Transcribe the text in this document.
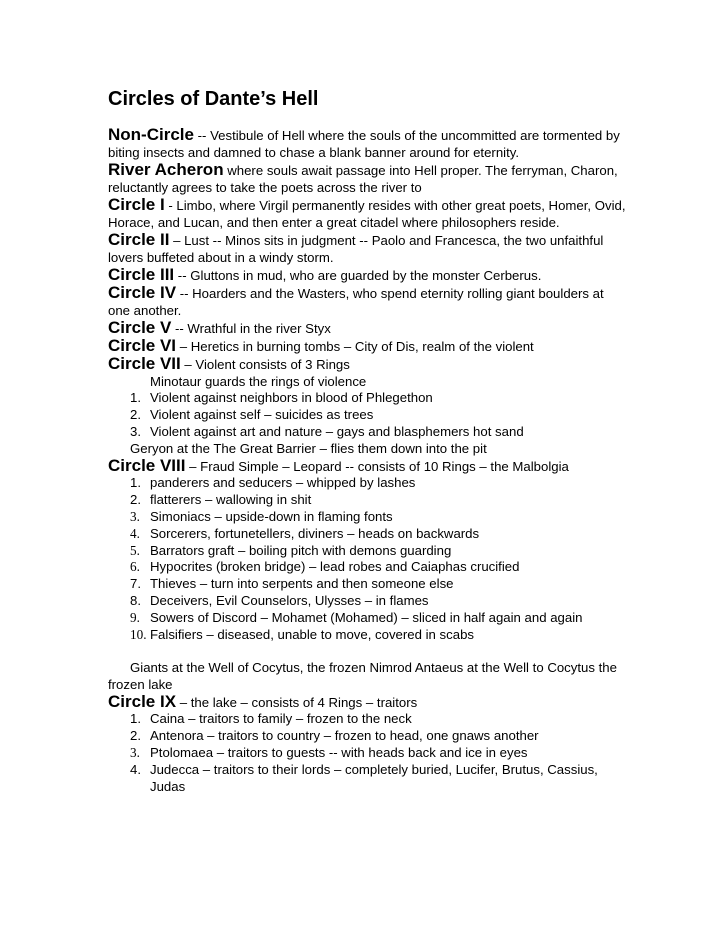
Circles of Dante’s Hell

Non-Circle -- Vestibule of Hell where the souls of the uncommitted are tormented by biting insects and damned to chase a blank banner around for eternity.

River Acheron where souls await passage into Hell proper. The ferryman, Charon, reluctantly agrees to take the poets across the river to

Circle I - Limbo, where Virgil permanently resides with other great poets, Homer, Ovid, Horace, and Lucan, and then enter a great citadel where philosophers reside.

Circle II – Lust -- Minos sits in judgment -- Paolo and Francesca, the two unfaithful lovers buffeted about in a windy storm.

Circle III -- Gluttons in mud, who are guarded by the monster Cerberus.

Circle IV -- Hoarders and the Wasters, who spend eternity rolling giant boulders at one another.

Circle V -- Wrathful in the river Styx

Circle VI – Heretics in burning tombs – City of Dis, realm of the violent

Circle VII – Violent consists of 3 Rings

Minotaur guards the rings of violence

1. Violent against neighbors in blood of Phlegethon
2. Violent against self – suicides as trees
3. Violent against art and nature – gays and blasphemers hot sand

Geryon at the The Great Barrier – flies them down into the pit

Circle VIII – Fraud Simple – Leopard -- consists of 10 Rings – the Malbolgia

1. panderers and seducers – whipped by lashes
2. flatterers – wallowing in shit
3. Simoniacs – upside-down in flaming fonts
4. Sorcerers, fortunetellers, diviners – heads on backwards
5. Barrators graft – boiling pitch with demons guarding
6. Hypocrites (broken bridge) – lead robes and Caiaphas crucified
7. Thieves – turn into serpents and then someone else
8. Deceivers, Evil Counselors, Ulysses – in flames
9. Sowers of Discord – Mohamet (Mohamed) – sliced in half again and again
10. Falsifiers – diseased, unable to move, covered in scabs

Giants at the Well of Cocytus, the frozen Nimrod Antaeus at the Well to Cocytus the frozen lake

Circle IX – the lake – consists of 4 Rings – traitors

1. Caina – traitors to family – frozen to the neck
2. Antenora – traitors to country – frozen to head, one gnaws another
3. Ptolomaea – traitors to guests -- with heads back and ice in eyes
4. Judecca – traitors to their lords – completely buried, Lucifer, Brutus, Cassius, Judas
